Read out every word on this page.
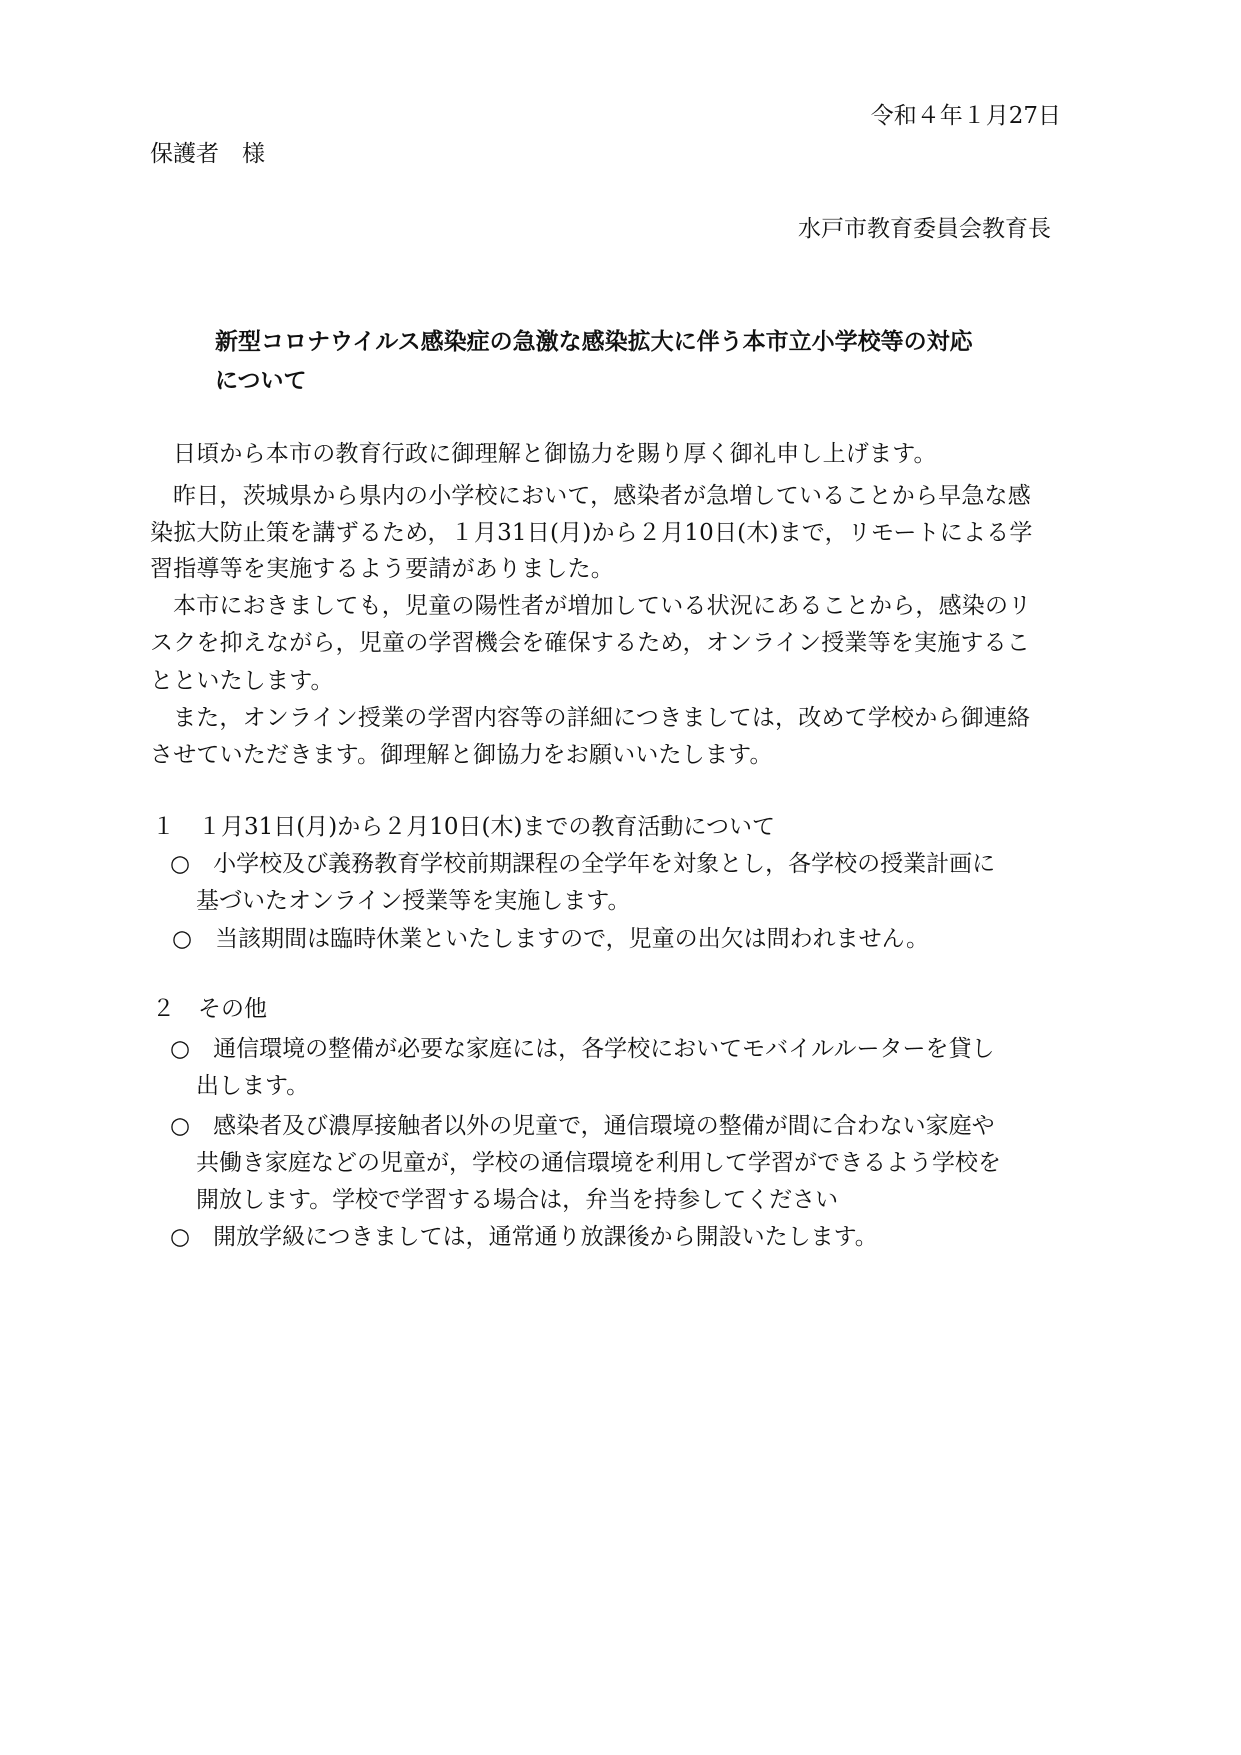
令和４年１月27日

保護者　様

水戸市教育委員会教育長

新型コロナウイルス感染症の急激な感染拡大に伴う本市立小学校等の対応
について

日頃から本市の教育行政に御理解と御協力を賜り厚く御礼申し上げます。

昨日，茨城県から県内の小学校において，感染者が急増していることから早急な感

染拡大防止策を講ずるため，１月31日(月)から２月10日(木)まで，リモートによる学

習指導等を実施するよう要請がありました。

本市におきましても，児童の陽性者が増加している状況にあることから，感染のリ

スクを抑えながら，児童の学習機会を確保するため，オンライン授業等を実施するこ

とといたします。

また，オンライン授業の学習内容等の詳細につきましては，改めて学校から御連絡

させていただきます。御理解と御協力をお願いいたします。

１　１月31日(月)から２月10日(木)までの教育活動について

○　小学校及び義務教育学校前期課程の全学年を対象とし，各学校の授業計画に

基づいたオンライン授業等を実施します。

○　当該期間は臨時休業といたしますので，児童の出欠は問われません。

２　その他

○　通信環境の整備が必要な家庭には，各学校においてモバイルルーターを貸し

出します。

○　感染者及び濃厚接触者以外の児童で，通信環境の整備が間に合わない家庭や

共働き家庭などの児童が，学校の通信環境を利用して学習ができるよう学校を

開放します。学校で学習する場合は，弁当を持参してください

○　開放学級につきましては，通常通り放課後から開設いたします。
